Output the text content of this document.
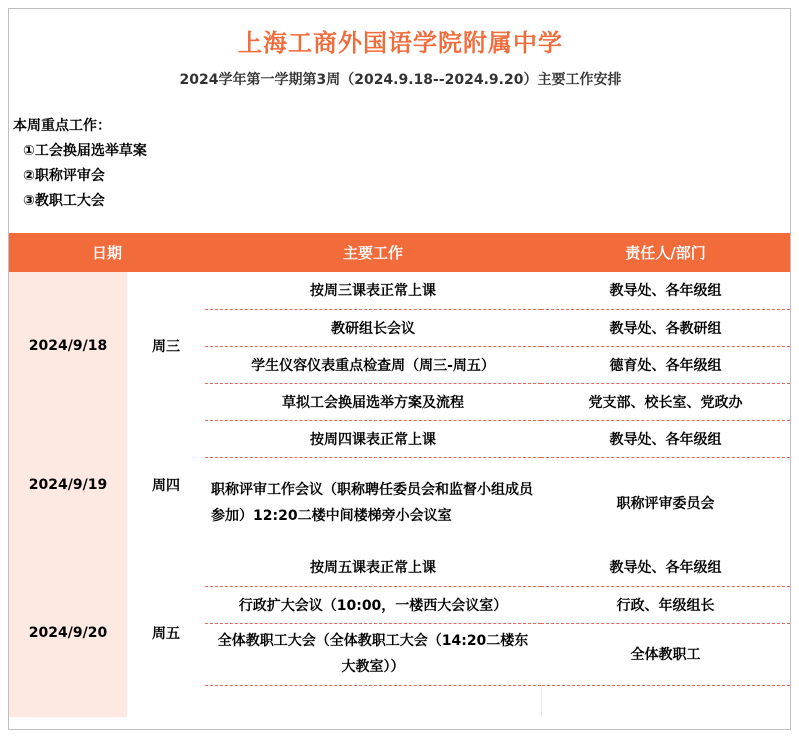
上海工商外国语学院附属中学
2024学年第一学期第3周（2024.9.18--2024.9.20）主要工作安排
本周重点工作：
①工会换届选举草案
②职称评审会
③教职工大会
日期		主要工作	责任人/部门
2024/9/18	周三	按周三课表正常上课	教导处、各年级组
		教研组长会议	教导处、各教研组
		学生仪容仪表重点检查周（周三-周五）	德育处、各年级组
		草拟工会换届选举方案及流程	党支部、校长室、党政办
2024/9/19	周四	按周四课表正常上课	教导处、各年级组
		职称评审工作会议（职称聘任委员会和监督小组成员参加）12:20二楼中间楼梯旁小会议室	职称评审委员会
2024/9/20	周五	按周五课表正常上课	教导处、各年级组
		行政扩大会议（10:00，一楼西大会议室）	行政、年级组长
		全体教职工大会（全体教职工大会（14:20二楼东大教室））	全体教职工
